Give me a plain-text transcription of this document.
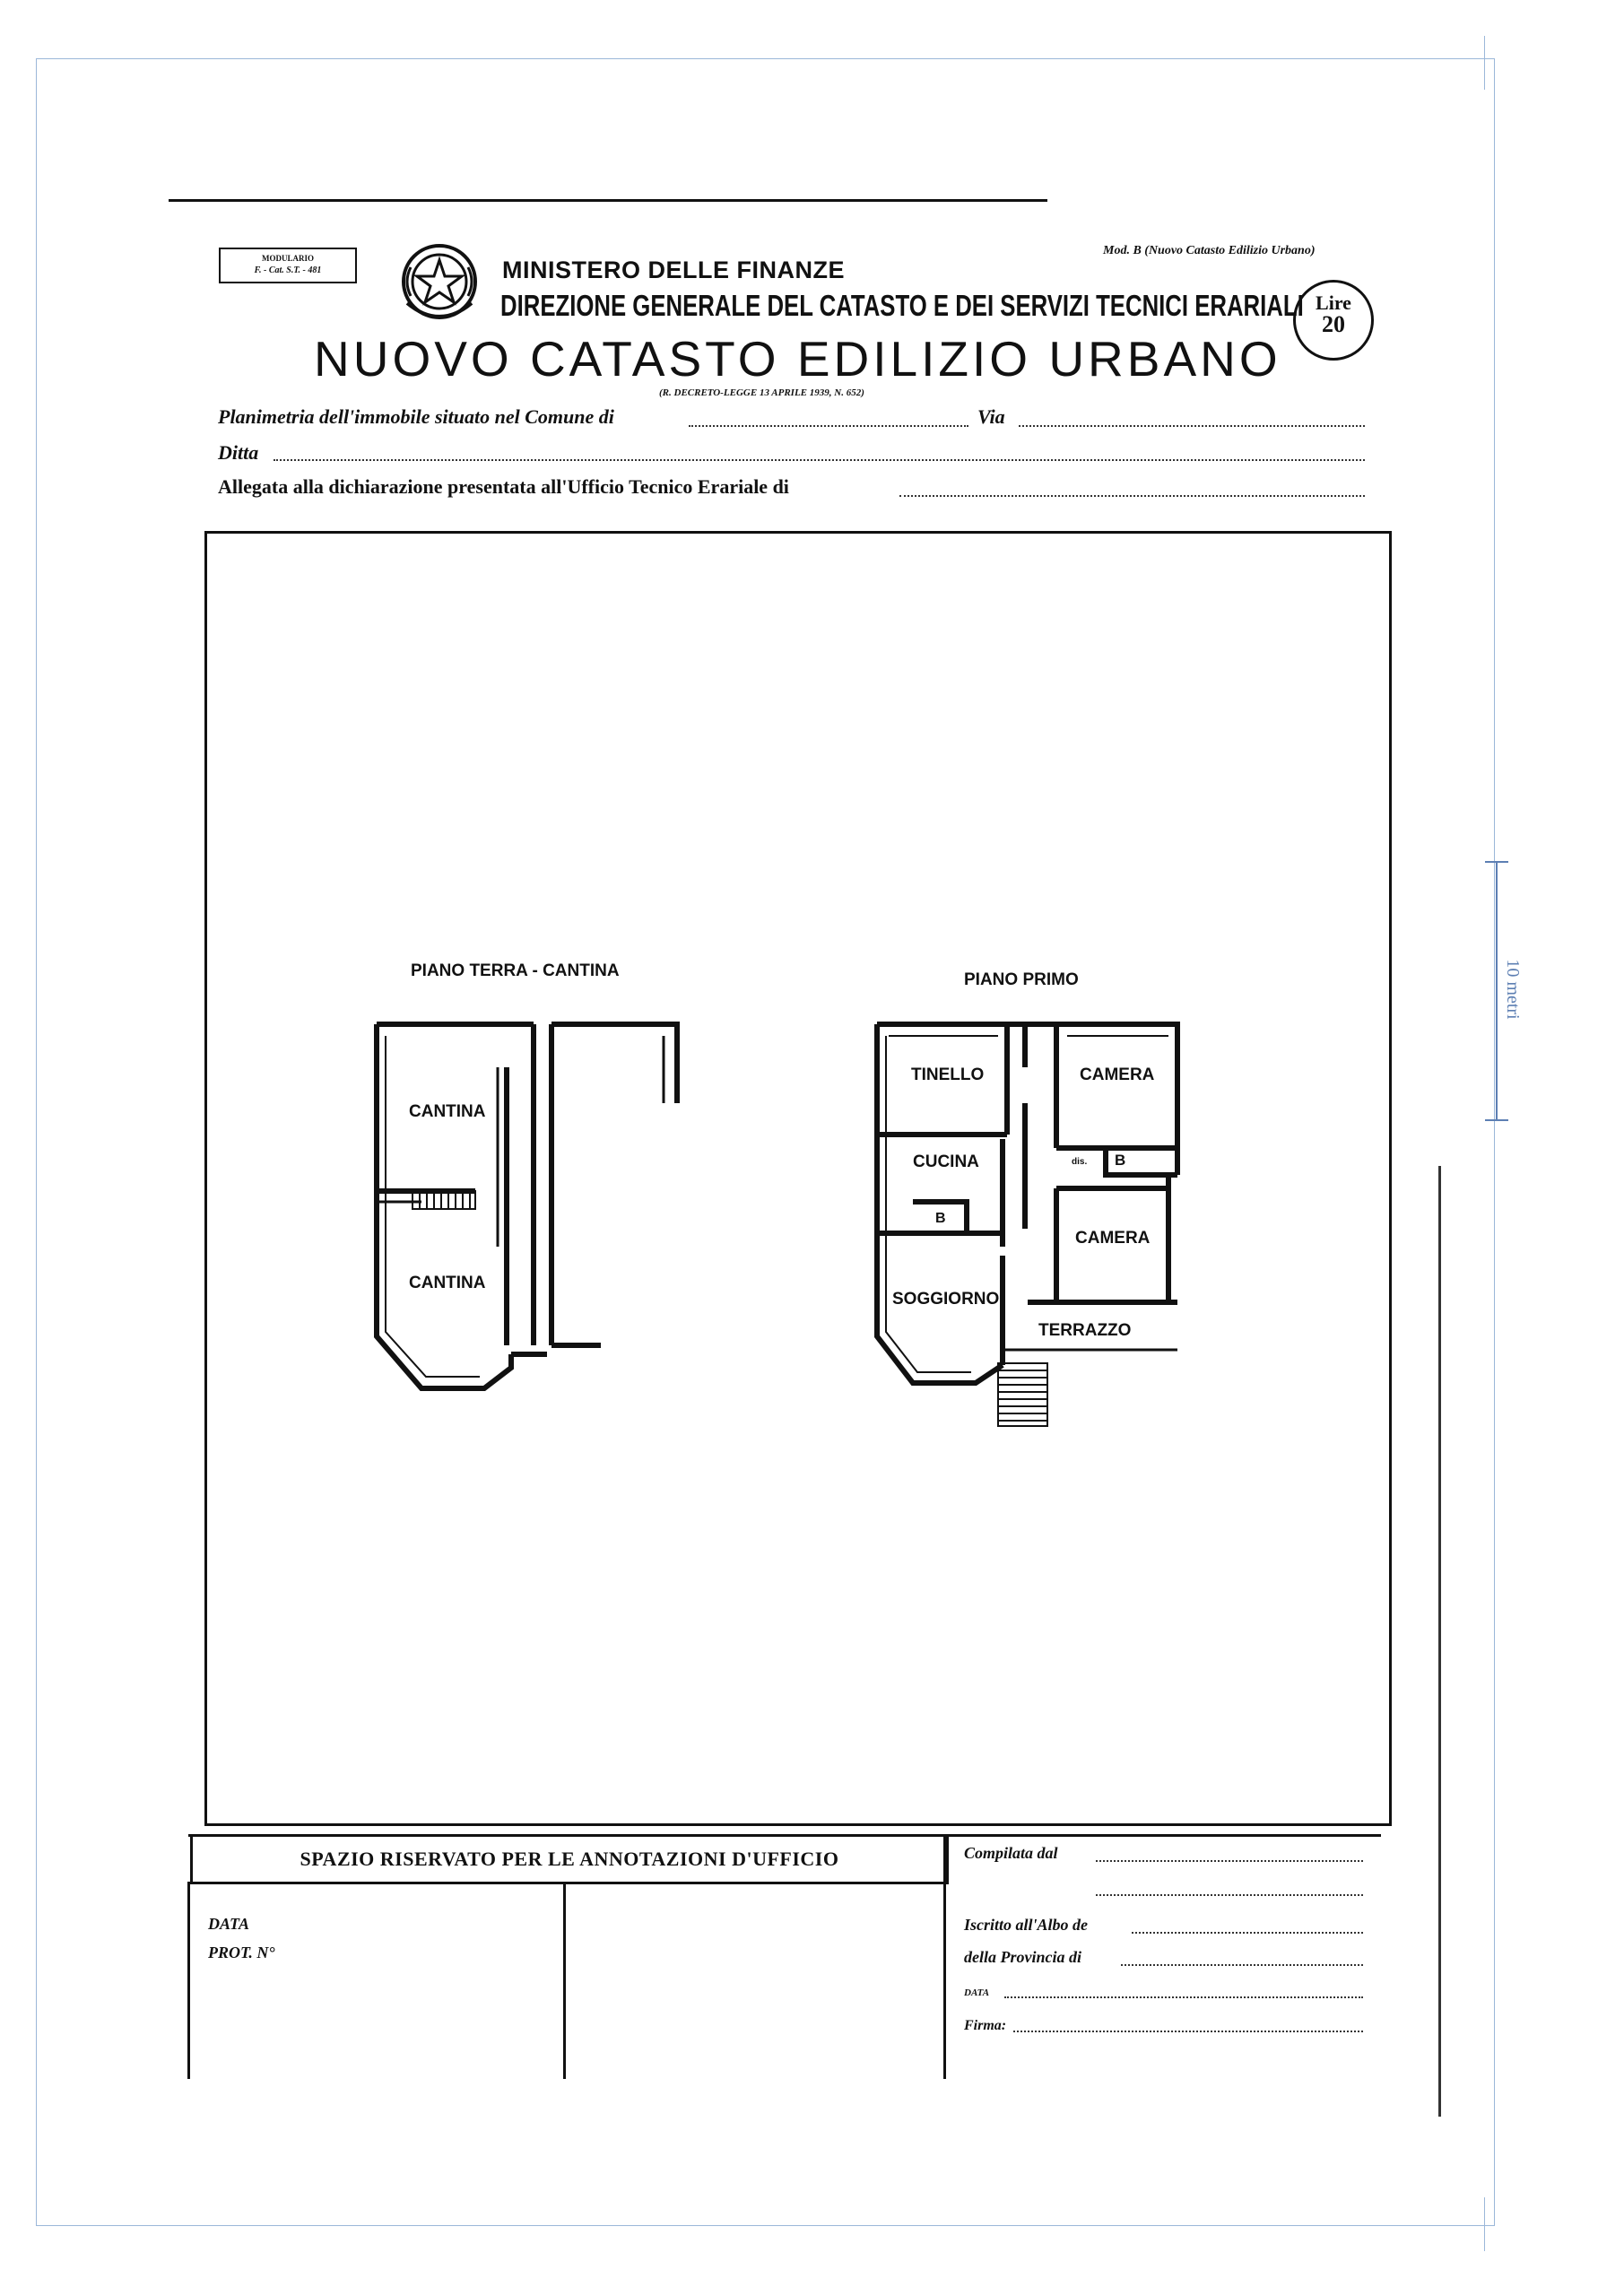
10 metri
MODULARIO
F. - Cat. S.T. - 481
Mod. B (Nuovo Catasto Edilizio Urbano)
MINISTERO DELLE FINANZE
DIREZIONE GENERALE DEL CATASTO E DEI SERVIZI TECNICI ERARIALI Lire
20
NUOVO CATASTO EDILIZIO URBANO
(R. DECRETO-LEGGE 13 APRILE 1939, N. 652)
Planimetria dell'immobile situato nel Comune di	Via
Ditta
Allegata alla dichiarazione presentata all'Ufficio Tecnico Erariale di
PIANO TERRA - CANTINA	PIANO PRIMO
CANTINA
CANTINA
TINELLO	CAMERA
CUCINA
B
dis. B
CAMERA
SOGGIORNO
TERRAZZO
SPAZIO RISERVATO PER LE ANNOTAZIONI D'UFFICIO
DATA
PROT. N°
Compilata dal
Iscritto all'Albo de
della Provincia di
DATA
Firma:
